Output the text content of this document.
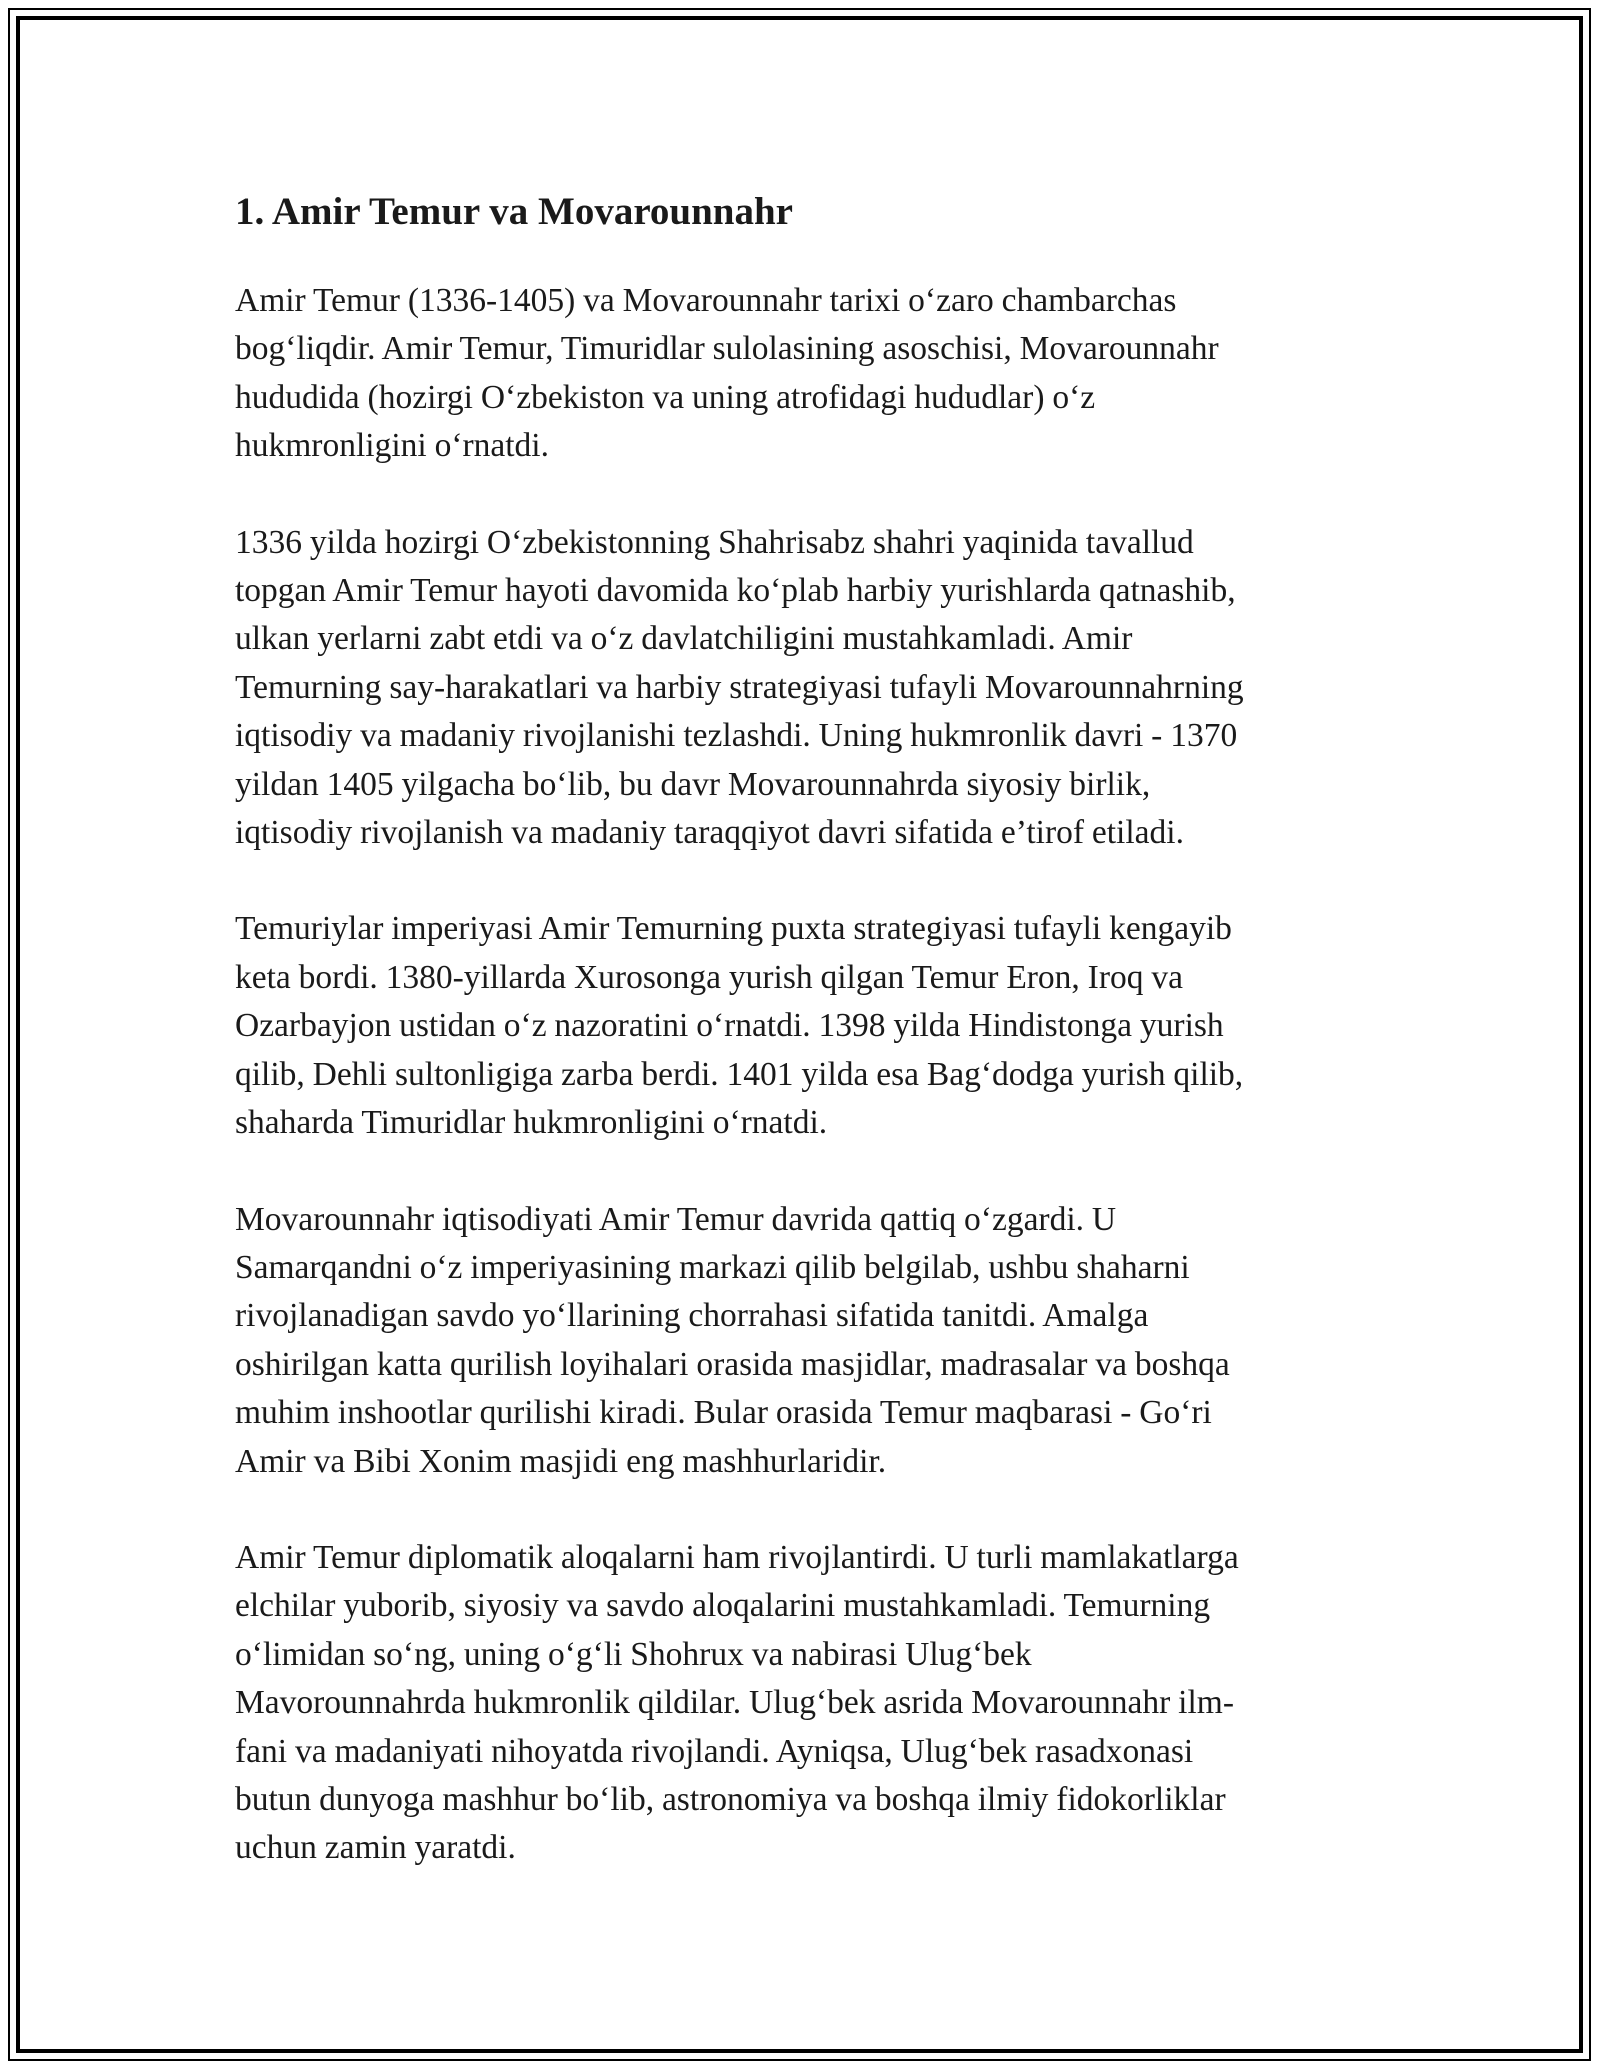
1. Amir Temur va Movarounnahr
Amir Temur (1336-1405) va Movarounnahr tarixi o‘zaro chambarchas
bog‘liqdir. Amir Temur, Timuridlar sulolasining asoschisi, Movarounnahr
hududida (hozirgi O‘zbekiston va uning atrofidagi hududlar) o‘z
hukmronligini o‘rnatdi.
1336 yilda hozirgi O‘zbekistonning Shahrisabz shahri yaqinida tavallud
topgan Amir Temur hayoti davomida ko‘plab harbiy yurishlarda qatnashib,
ulkan yerlarni zabt etdi va o‘z davlatchiligini mustahkamladi. Amir
Temurning say-harakatlari va harbiy strategiyasi tufayli Movarounnahrning
iqtisodiy va madaniy rivojlanishi tezlashdi. Uning hukmronlik davri - 1370
yildan 1405 yilgacha bo‘lib, bu davr Movarounnahrda siyosiy birlik,
iqtisodiy rivojlanish va madaniy taraqqiyot davri sifatida e’tirof etiladi.
Temuriylar imperiyasi Amir Temurning puxta strategiyasi tufayli kengayib
keta bordi. 1380-yillarda Xurosonga yurish qilgan Temur Eron, Iroq va
Ozarbayjon ustidan o‘z nazoratini o‘rnatdi. 1398 yilda Hindistonga yurish
qilib, Dehli sultonligiga zarba berdi. 1401 yilda esa Bag‘dodga yurish qilib,
shaharda Timuridlar hukmronligini o‘rnatdi.
Movarounnahr iqtisodiyati Amir Temur davrida qattiq o‘zgardi. U
Samarqandni o‘z imperiyasining markazi qilib belgilab, ushbu shaharni
rivojlanadigan savdo yo‘llarining chorrahasi sifatida tanitdi. Amalga
oshirilgan katta qurilish loyihalari orasida masjidlar, madrasalar va boshqa
muhim inshootlar qurilishi kiradi. Bular orasida Temur maqbarasi - Go‘ri
Amir va Bibi Xonim masjidi eng mashhurlaridir.
Amir Temur diplomatik aloqalarni ham rivojlantirdi. U turli mamlakatlarga
elchilar yuborib, siyosiy va savdo aloqalarini mustahkamladi. Temurning
o‘limidan so‘ng, uning o‘g‘li Shohrux va nabirasi Ulug‘bek
Mavorounnahrda hukmronlik qildilar. Ulug‘bek asrida Movarounnahr ilm-
fani va madaniyati nihoyatda rivojlandi. Ayniqsa, Ulug‘bek rasadxonasi
butun dunyoga mashhur bo‘lib, astronomiya va boshqa ilmiy fidokorliklar
uchun zamin yaratdi.
